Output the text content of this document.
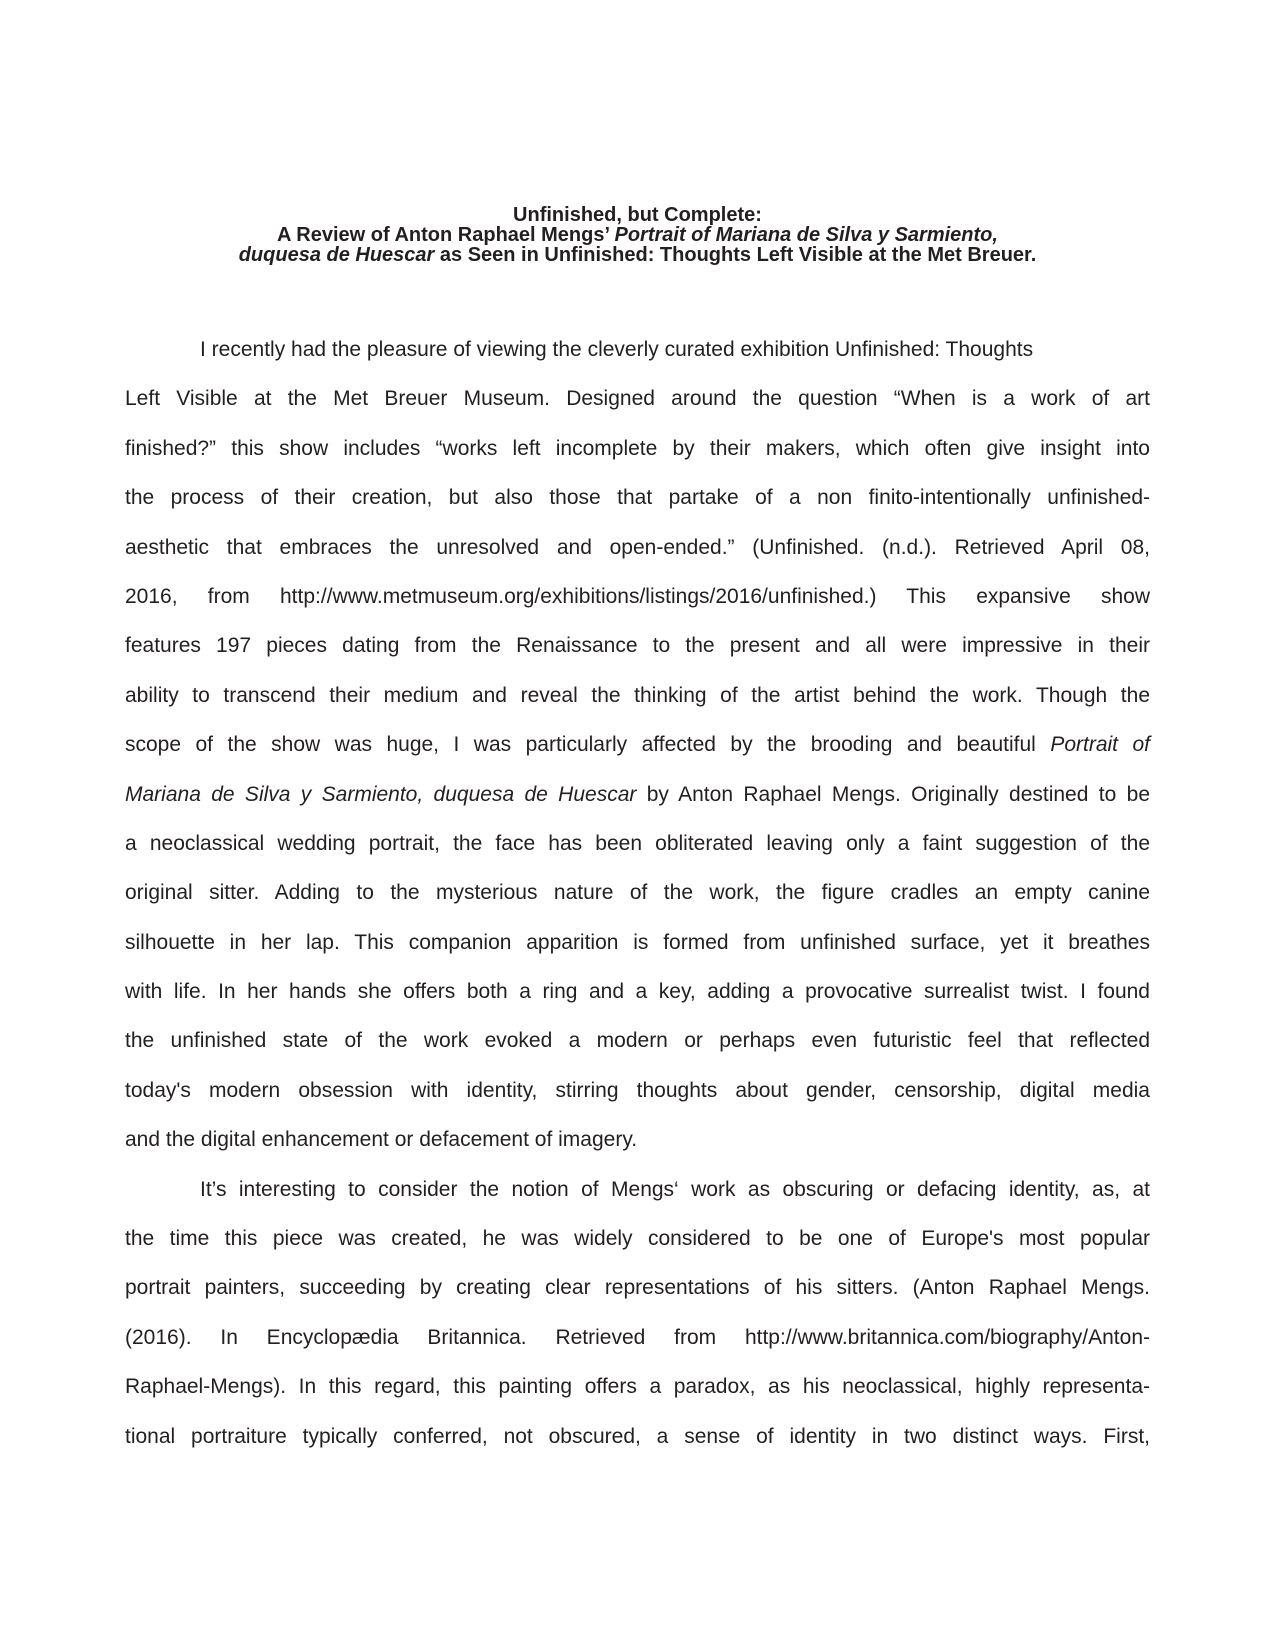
Unfinished, but Complete:
A Review of Anton Raphael Mengs’ Portrait of Mariana de Silva y Sarmiento,
duquesa de Huescar as Seen in Unfinished: Thoughts Left Visible at the Met Breuer.
I recently had the pleasure of viewing the cleverly curated exhibition Unfinished: Thoughts
Left Visible at the Met Breuer Museum. Designed around the question “When is a work of art
finished?” this show includes “works left incomplete by their makers, which often give insight into
the process of their creation, but also those that partake of a non finito-intentionally unfinished-
aesthetic that embraces the unresolved and open-ended.” (Unfinished. (n.d.). Retrieved April 08,
2016, from http://www.metmuseum.org/exhibitions/listings/2016/unfinished.) This expansive show
features 197 pieces dating from the Renaissance to the present and all were impressive in their
ability to transcend their medium and reveal the thinking of the artist behind the work. Though the
scope of the show was huge, I was particularly affected by the brooding and beautiful Portrait of
Mariana de Silva y Sarmiento, duquesa de Huescar by Anton Raphael Mengs. Originally destined to be
a neoclassical wedding portrait, the face has been obliterated leaving only a faint suggestion of the
original sitter. Adding to the mysterious nature of the work, the figure cradles an empty canine
silhouette in her lap. This companion apparition is formed from unfinished surface, yet it breathes
with life. In her hands she offers both a ring and a key, adding a provocative surrealist twist. I found
the unfinished state of the work evoked a modern or perhaps even futuristic feel that reflected
today's modern obsession with identity, stirring thoughts about gender, censorship, digital media
and the digital enhancement or defacement of imagery.
It’s interesting to consider the notion of Mengs‘ work as obscuring or defacing identity, as, at
the time this piece was created, he was widely considered to be one of Europe's most popular
portrait painters, succeeding by creating clear representations of his sitters. (Anton Raphael Mengs.
(2016). In Encyclopædia Britannica. Retrieved from http://www.britannica.com/biography/Anton-
Raphael-Mengs). In this regard, this painting offers a paradox, as his neoclassical, highly representa-
tional portraiture typically conferred, not obscured, a sense of identity in two distinct ways. First,
